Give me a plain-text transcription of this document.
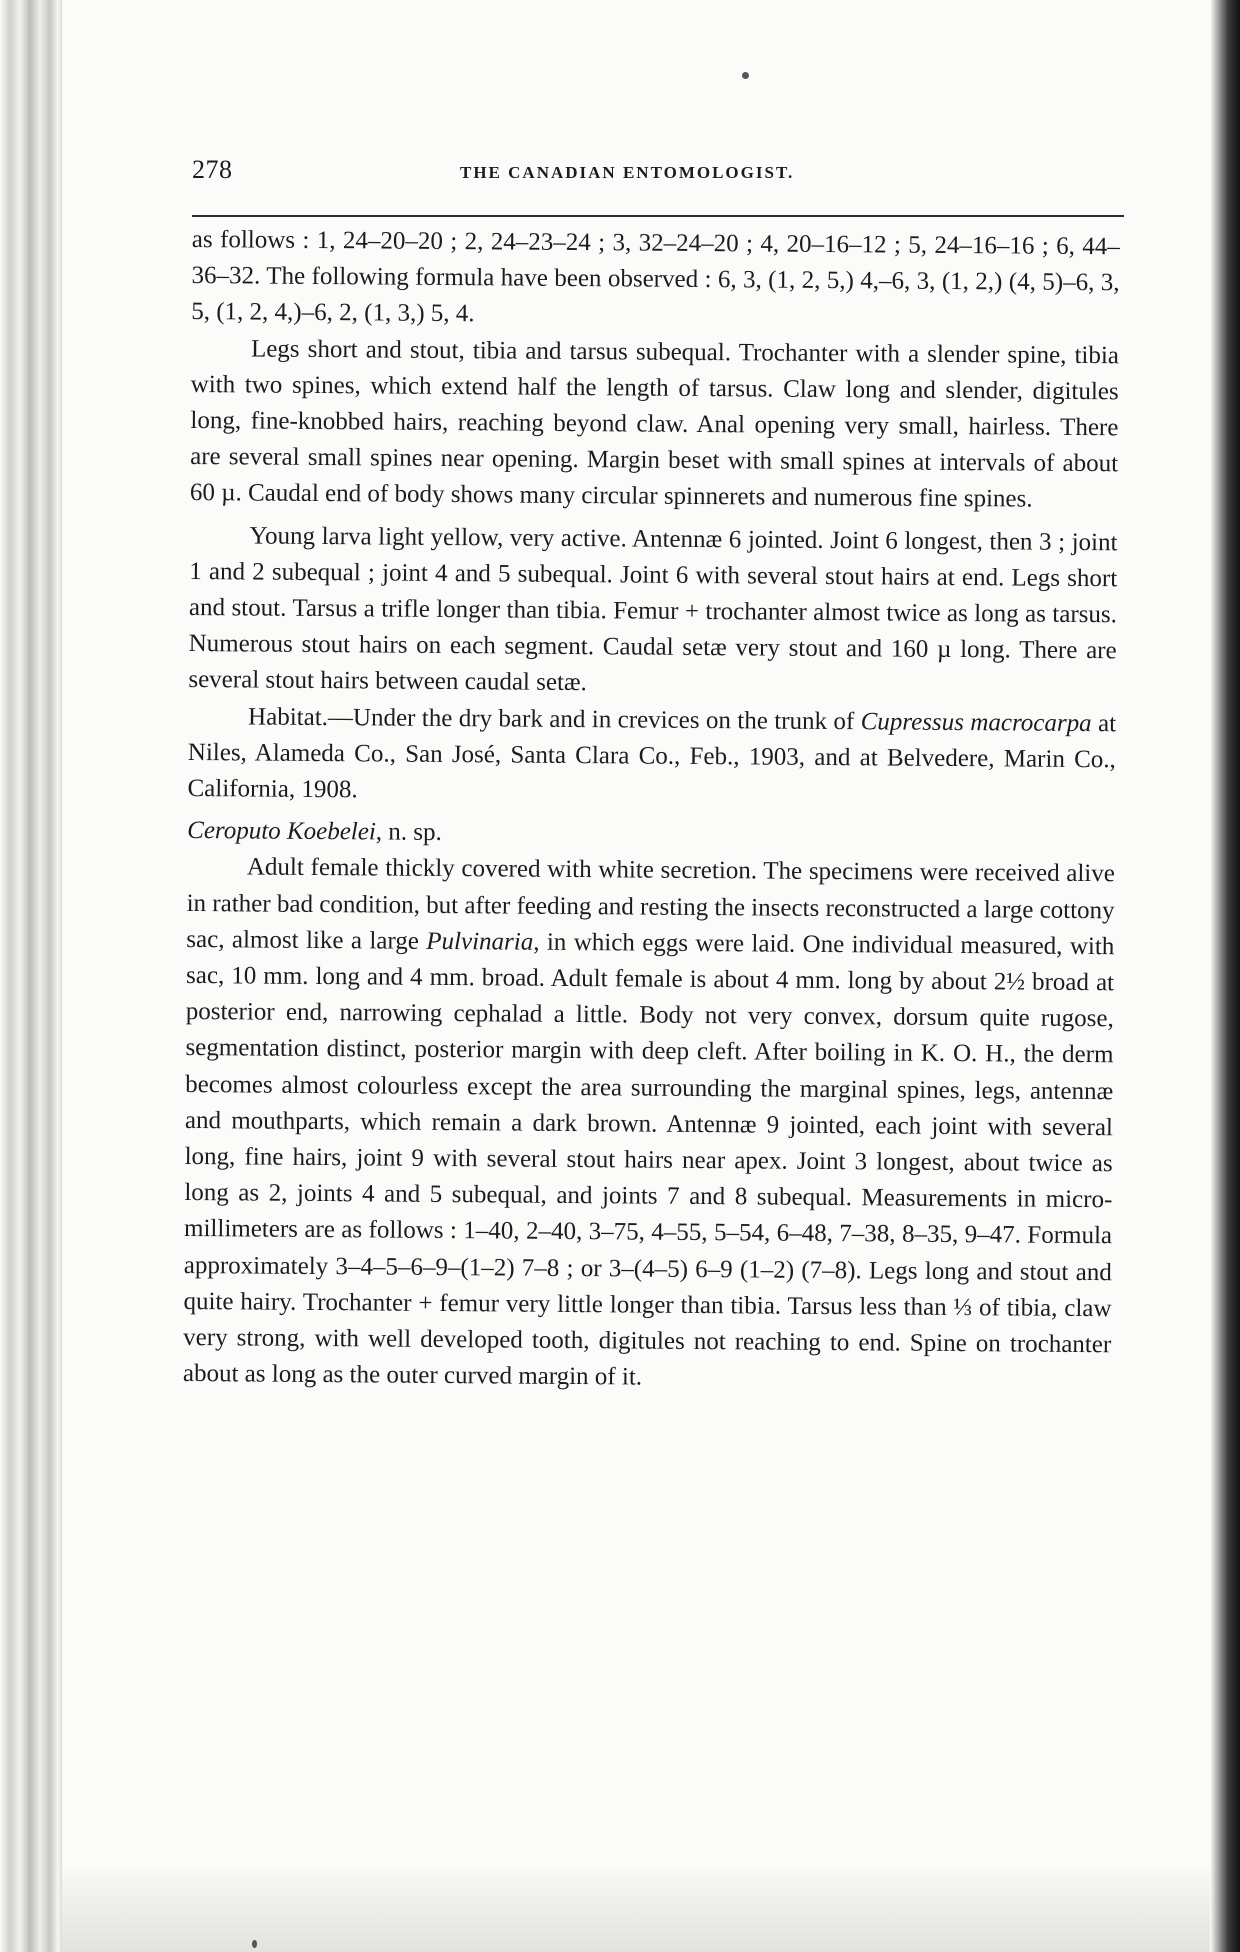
278	THE CANADIAN ENTOMOLOGIST.

as follows : 1, 24–20–20 ; 2, 24–23–24 ; 3, 32–24–20 ; 4, 20–16–12 ; 5, 24–16–16 ; 6, 44–36–32. The following formula have been observed : 6, 3, (1, 2, 5,) 4,–6, 3, (1, 2,) (4, 5)–6, 3, 5, (1, 2, 4,)–6, 2, (1, 3,) 5, 4.

Legs short and stout, tibia and tarsus subequal. Trochanter with a slender spine, tibia with two spines, which extend half the length of tarsus. Claw long and slender, digitules long, fine-knobbed hairs, reaching beyond claw. Anal opening very small, hairless. There are several small spines near opening. Margin beset with small spines at intervals of about 60 µ. Caudal end of body shows many circular spinnerets and numerous fine spines.

Young larva light yellow, very active. Antennæ 6 jointed. Joint 6 longest, then 3 ; joint 1 and 2 subequal ; joint 4 and 5 subequal. Joint 6 with several stout hairs at end. Legs short and stout. Tarsus a trifle longer than tibia. Femur + trochanter almost twice as long as tarsus. Numerous stout hairs on each segment. Caudal setæ very stout and 160 µ long. There are several stout hairs between caudal setæ.

Habitat.—Under the dry bark and in crevices on the trunk of Cupressus macrocarpa at Niles, Alameda Co., San José, Santa Clara Co., Feb., 1903, and at Belvedere, Marin Co., California, 1908.

Ceroputo Koebelei, n. sp.

Adult female thickly covered with white secretion. The specimens were received alive in rather bad condition, but after feeding and resting the insects reconstructed a large cottony sac, almost like a large Pulvinaria, in which eggs were laid. One individual measured, with sac, 10 mm. long and 4 mm. broad. Adult female is about 4 mm. long by about 2½ broad at posterior end, narrowing cephalad a little. Body not very convex, dorsum quite rugose, segmentation distinct, posterior margin with deep cleft. After boiling in K. O. H., the derm becomes almost colourless except the area surrounding the marginal spines, legs, antennæ and mouthparts, which remain a dark brown. Antennæ 9 jointed, each joint with several long, fine hairs, joint 9 with several stout hairs near apex. Joint 3 longest, about twice as long as 2, joints 4 and 5 subequal, and joints 7 and 8 subequal. Measurements in micro-millimeters are as follows : 1–40, 2–40, 3–75, 4–55, 5–54, 6–48, 7–38, 8–35, 9–47. Formula approximately 3–4–5–6–9–(1–2) 7–8 ; or 3–(4–5) 6–9 (1–2) (7–8). Legs long and stout and quite hairy. Trochanter + femur very little longer than tibia. Tarsus less than ⅓ of tibia, claw very strong, with well developed tooth, digitules not reaching to end. Spine on trochanter about as long as the outer curved margin of it.
